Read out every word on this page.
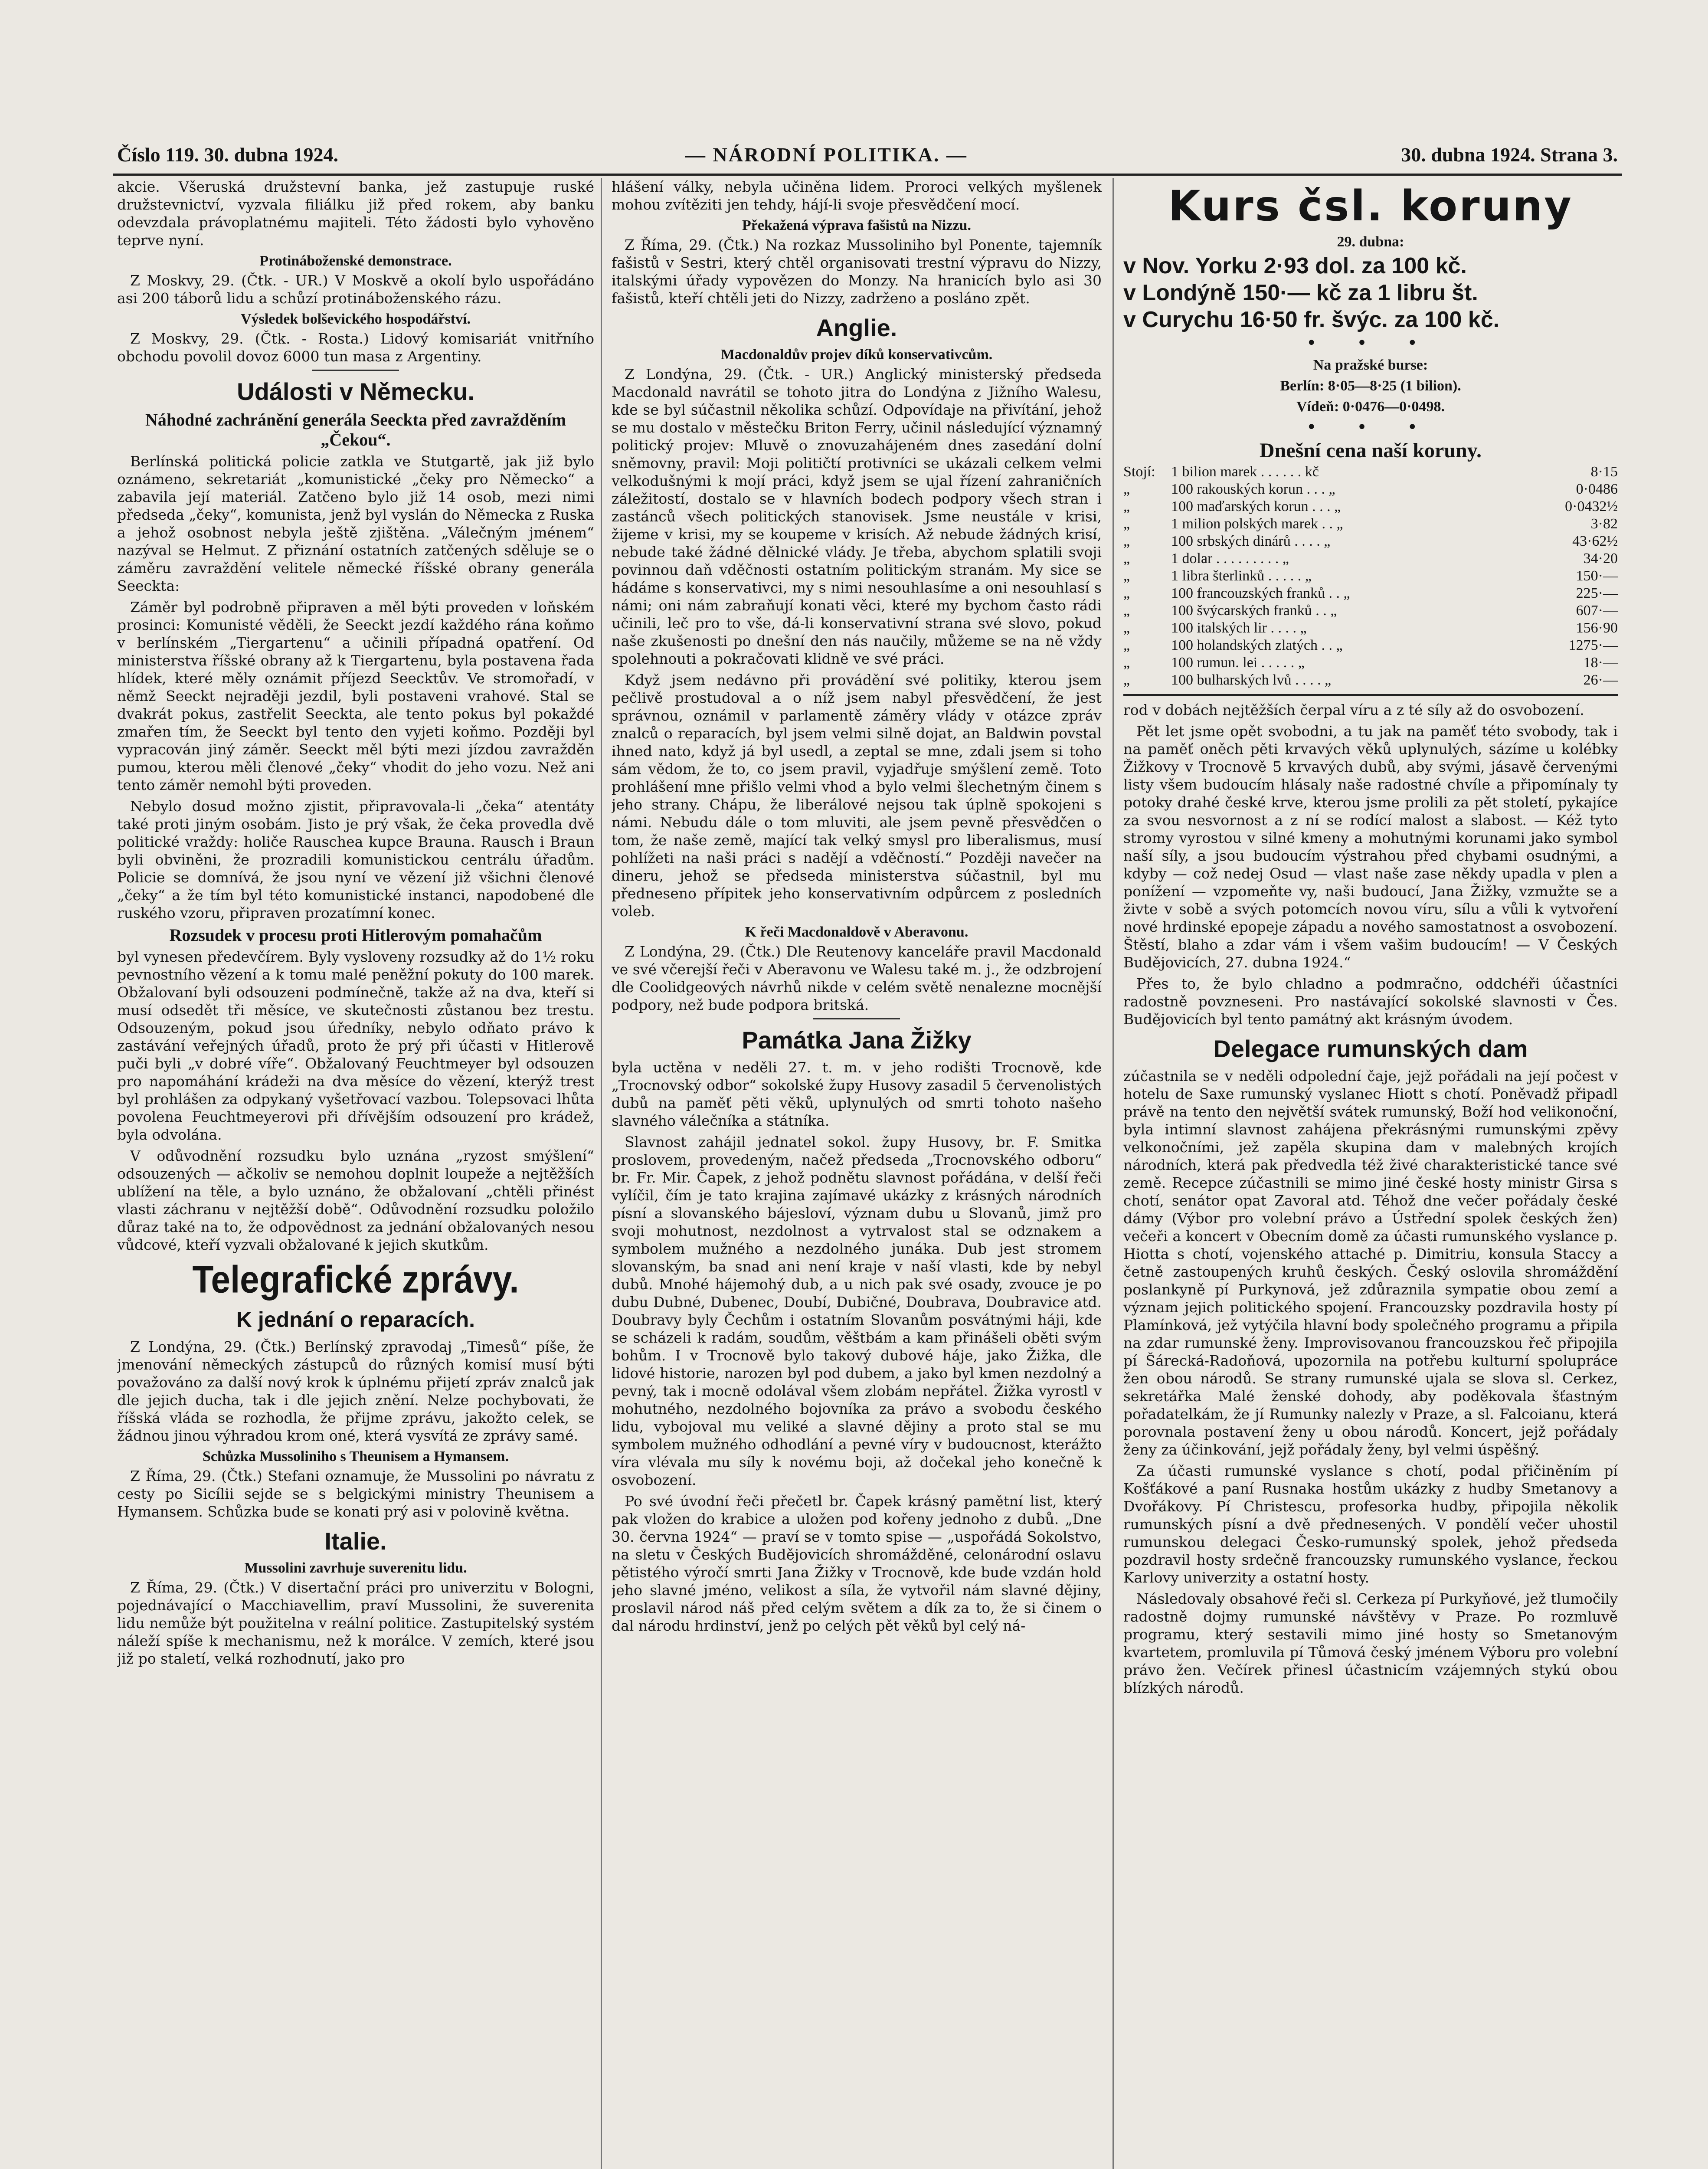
Číslo 119. 30. dubna 1924.	— NÁRODNÍ POLITIKA. —	30. dubna 1924. Strana 3.

akcie. Všeruská družstevní banka, jež zastupuje ruské družstevnictví, vyzvala filiálku již před rokem, aby banku odevzdala právoplatnému majiteli. Této žádosti bylo vyhověno teprve nyní.

Protináboženské demonstrace.

Z Moskvy, 29. (Čtk. - UR.) V Moskvě a okolí bylo uspořádáno asi 200 táborů lidu a schůzí protináboženského rázu.

Výsledek bolševického hospodářství.

Z Moskvy, 29. (Čtk. - Rosta.) Lidový komisariát vnitřního obchodu povolil dovoz 6000 tun masa z Argentiny.

Události v Německu.
Náhodné zachránění generála Seeckta před zavražděním „Čekou“.

Berlínská politická policie zatkla ve Stutgartě, jak již bylo oznámeno, sekretariát „komunistické „čeky pro Německo“ a zabavila její materiál. Zatčeno bylo již 14 osob, mezi nimi předseda „čeky“, komunista, jenž byl vyslán do Německa z Ruska a jehož osobnost nebyla ještě zjištěna. „Válečným jménem“ nazýval se Helmut. Z přiznání ostatních zatčených sděluje se o záměru zavraždění velitele německé říšské obrany generála Seeckta:

Záměr byl podrobně připraven a měl býti proveden v loňském prosinci: Komunisté věděli, že Seeckt jezdí každého rána koňmo v berlínském „Tiergartenu“ a učinili případná opatření. Od ministerstva říšské obrany až k Tiergartenu, byla postavena řada hlídek, které měly oznámit příjezd Seecktův. Ve stromořadí, v němž Seeckt nejraději jezdil, byli postaveni vrahové. Stal se dvakrát pokus, zastřelit Seeckta, ale tento pokus byl pokaždé zmařen tím, že Seeckt byl tento den vyjeti koňmo. Později byl vypracován jiný záměr. Seeckt měl býti mezi jízdou zavražděn pumou, kterou měli členové „čeky“ vhodit do jeho vozu. Než ani tento záměr nemohl býti proveden.

Nebylo dosud možno zjistit, připravovala-li „čeka“ atentáty také proti jiným osobám. Jisto je prý však, že čeka provedla dvě politické vraždy: holiče Rauscheа kupce Brauna. Rausch i Braun byli obviněni, že prozradili komunistickou centrálu úřadům. Policie se domnívá, že jsou nyní ve vězení již všichni členové „čeky“ a že tím byl této komunistické instanci, napodobené dle ruského vzoru, připraven prozatímní konec.

Rozsudek v procesu proti Hitlerovým pomahačům

byl vynesen předevčírem. Byly vysloveny rozsudky až do 1½ roku pevnostního vězení a k tomu malé peněžní pokuty do 100 marek. Obžalovaní byli odsouzeni podmínečně, takže až na dva, kteří si musí odsedět tři měsíce, ve skutečnosti zůstanou bez trestu. Odsouzeným, pokud jsou úředníky, nebylo odňato právo k zastávání veřejných úřadů, proto že prý při účasti v Hitlerově puči byli „v dobré víře“. Obžalovaný Feuchtmeyer byl odsouzen pro napomáhání krádeži na dva měsíce do vězení, kterýž trest byl prohlášen za odpykaný vyšetřovací vazbou. Tolepsovaci lhůta povolena Feuchtmeyerovi při dřívějším odsouzení pro krádež, byla odvolána.

V odůvodnění rozsudku bylo uznána „ryzost smýšlení“ odsouzených — ačkoliv se nemohou doplnit loupeže a nejtěžších ublížení na těle, a bylo uznáno, že obžalovaní „chtěli přinést vlasti záchranu v nejtěžší době“. Odůvodnění rozsudku položilo důraz také na to, že odpovědnost za jednání obžalovaných nesou vůdcové, kteří vyzvali obžalované k jejich skutkům.

Telegrafické zprávy.
K jednání o reparacích.

Z Londýna, 29. (Čtk.) Berlínský zpravodaj „Timesů“ píše, že jmenování německých zástupců do různých komisí musí býti považováno za další nový krok k úplnému přijetí zpráv znalců jak dle jejich ducha, tak i dle jejich znění. Nelze pochybovati, že říšská vláda se rozhodla, že přijme zprávu, jakožto celek, se žádnou jinou výhradou krom oné, která vysvítá ze zprávy samé.

Schůzka Mussoliniho s Theunisem a Hymansem.

Z Říma, 29. (Čtk.) Stefani oznamuje, že Mussolini po návratu z cesty po Sicílii sejde se s belgickými ministry Theunisem a Hymansem. Schůzka bude se konati prý asi v polovině května.

Italie.
Mussolini zavrhuje suverenitu lidu.

Z Říma, 29. (Čtk.) V disertační práci pro univerzitu v Bologni, pojednávající o Macchiavellim, praví Mussolini, že suverenita lidu nemůže být použitelna v reální politice. Zastupitelský systém náleží spíše k mechanismu, než k morálce. V zemích, které jsou již po staletí, velká rozhodnutí, jako pro

hlášení války, nebyla učiněna lidem. Proroci velkých myšlenek mohou zvítěziti jen tehdy, hájí-li svoje přesvědčení mocí.

Překažená výprava fašistů na Nizzu.

Z Říma, 29. (Čtk.) Na rozkaz Mussoliniho byl Ponente, tajemník fašistů v Sestri, který chtěl organisovati trestní výpravu do Nizzy, italskými úřady vypovězen do Monzy. Na hranicích bylo asi 30 fašistů, kteří chtěli jeti do Nizzy, zadrženo a posláno zpět.

Anglie.
Macdonaldův projev díků konservativcům.

Z Londýna, 29. (Čtk. - UR.) Anglický ministerský předseda Macdonald navrátil se tohoto jitra do Londýna z Jižního Walesu, kde se byl súčastnil několika schůzí. Odpovídaje na přivítání, jehož se mu dostalo v městečku Briton Ferry, učinil následující významný politický projev: Mluvě o znovuzahájeném dnes zasedání dolní sněmovny, pravil: Moji političtí protivníci se ukázali celkem velmi velkodušnými k mojí práci, když jsem se ujal řízení zahraničních záležitostí, dostalo se v hlavních bodech podpory všech stran i zastánců všech politických stanovisek. Jsme neustále v krisi, žijeme v krisi, my se koupeme v krisích. Až nebude žádných krisí, nebude také žádné dělnické vlády. Je třeba, abychom splatili svoji povinnou daň vděčnosti ostatním politickým stranám. My sice se hádáme s konservativci, my s nimi nesouhlasíme a oni nesouhlasí s námi; oni nám zabraňují konati věci, které my bychom často rádi učinili, leč pro to vše, dá-li konservativní strana své slovo, pokud naše zkušenosti po dnešní den nás naučily, můžeme se na ně vždy spolehnouti a pokračovati klidně ve své práci.

Když jsem nedávno při provádění své politiky, kterou jsem pečlivě prostudoval a o níž jsem nabyl přesvědčení, že jest správnou, oznámil v parlamentě záměry vlády v otázce zpráv znalců o reparacích, byl jsem velmi silně dojat, an Baldwin povstal ihned nato, když já byl usedl, a zeptal se mne, zdali jsem si toho sám vědom, že to, co jsem pravil, vyjadřuje smýšlení země. Toto prohlášení mne přišlo velmi vhod a bylo velmi šlechetným činem s jeho strany. Chápu, že liberálové nejsou tak úplně spokojeni s námi. Nebudu dále o tom mluviti, ale jsem pevně přesvědčen o tom, že naše země, mající tak velký smysl pro liberalismus, musí pohlížeti na naši práci s nadějí a vděčností.“ Později navečer na dineru, jehož se předseda ministerstva súčastnil, byl mu předneseno přípitek jeho konservativním odpůrcem z posledních voleb.

K řeči Macdonaldově v Aberavonu.

Z Londýna, 29. (Čtk.) Dle Reutenovy kanceláře pravil Macdonald ve své včerejší řeči v Aberavonu ve Walesu také m. j., že odzbrojení dle Coolidgeových návrhů nikde v celém světě nenalezne mocnější podpory, než bude podpora britská.

Památka Jana Žižky

byla uctěna v neděli 27. t. m. v jeho rodišti Trocnově, kde „Trocnovský odbor“ sokolské župy Husovy zasadil 5 červenolistých dubů na paměť pěti věků, uplynulých od smrti tohoto našeho slavného válečníka a státníka.

Slavnost zahájil jednatel sokol. župy Husovy, br. F. Smitka proslovem, provedeným, načež předseda „Trocnovského odboru“ br. Fr. Mir. Čapek, z jehož podnětu slavnost pořádána, v delší řeči vylíčil, čím je tato krajina zajímavé ukázky z krásných národních písní a slovanského bájesloví, význam dubu u Slovanů, jimž pro svoji mohutnost, nezdolnost a vytrvalost stal se odznakem a symbolem mužného a nezdolného junáka. Dub jest stromem slovanským, ba snad ani není kraje v naší vlasti, kde by nebyl dubů. Mnohé hájemohý dub, a u nich pak své osady, zvouce je po dubu Dubné, Dubenec, Doubí, Dubičné, Doubrava, Doubravice atd. Doubravy byly Čechům i ostatním Slovanům posvátnými háji, kde se scházeli k radám, soudům, věštbám a kam přinášeli oběti svým bohům. I v Trocnově bylo takový dubové háje, jako Žižka, dle lidové historie, narozen byl pod dubem, a jako byl kmen nezdolný a pevný, tak i mocně odolával všem zlobám nepřátel. Žižka vyrostl v mohutného, nezdolného bojovníka za právo a svobodu českého lidu, vybojoval mu veliké a slavné dějiny a proto stal se mu symbolem mužného odhodlání a pevné víry v budoucnost, kterážto víra vlévala mu síly k novému boji, až dočekal jeho konečně k osvobození.

Po své úvodní řeči přečetl br. Čapek krásný pamětní list, který pak vložen do krabice a uložen pod kořeny jednoho z dubů. „Dne 30. června 1924“ — praví se v tomto spise — „uspořádá Sokolstvo, na sletu v Českých Budějovicích shromážděné, celonárodní oslavu pětistého výročí smrti Jana Žižky v Trocnově, kde bude vzdán hold jeho slavné jméno, velikost a síla, že vytvořil nám slavné dějiny, proslavil národ náš před celým světem a dík za to, že si činem o dal národu hrdinství, jenž po celých pět věků byl celý ná-

Kurs čsl. koruny
29. dubna:
v Nov. Yorku 2·93 dol. za 100 kč.
v Londýně 150·— kč za 1 libru št.
v Curychu 16·50 fr. švýc. za 100 kč.
• • •
Na pražské burse:
Berlín: 8·05—8·25 (1 bilion).
Vídeň: 0·0476—0·0498.
• • •
Dnešní cena naší koruny.
Stojí:	1 bilion marek . . . . . . kč	8·15
„	100 rakouských korun . . . „	0·0486
„	100 maďarských korun . . . „	0·0432½
„	1 milion polských marek . . „	3·82
„	100 srbských dinárů . . . . „	43·62½
„	1 dolar . . . . . . . . . „	34·20
„	1 libra šterlinků . . . . . „	150·—
„	100 francouzských franků . . „	225·—
„	100 švýcarských franků . . „	607·—
„	100 italských lir . . . . „	156·90
„	100 holandských zlatých . . „	1275·—
„	100 rumun. lei . . . . . „	18·—
„	100 bulharských lvů . . . . „	26·—

rod v dobách nejtěžších čerpal víru a z té síly až do osvobození.

Pět let jsme opět svobodni, a tu jak na paměť této svobody, tak i na paměť oněch pěti krvavých věků uplynulých, sázíme u kolébky Žižkovy v Trocnově 5 krvavých dubů, aby svými, jásavě červenými listy všem budoucím hlásaly naše radostné chvíle a připomínaly ty potoky drahé české krve, kterou jsme prolili za pět století, pykajíce za svou nesvornost a z ní se rodící malost a slabost. — Kéž tyto stromy vyrostou v silné kmeny a mohutnými korunami jako symbol naší síly, a jsou budoucím výstrahou před chybami osudnými, a kdyby — což nedej Osud — vlast naše zase někdy upadla v plen a ponížení — vzpomeňte vy, naši budoucí, Jana Žižky, vzmužte se a živte v sobě a svých potomcích novou víru, sílu a vůli k vytvoření nové hrdinské epopeje západu a nového samostatnost a osvobození. Štěstí, blaho a zdar vám i všem vašim budoucím! — V Českých Budějovicích, 27. dubna 1924.“

Přes to, že bylo chladno a podmračno, oddchéři účastníci radostně povzneseni. Pro nastávající sokolské slavnosti v Čes. Budějovicích byl tento památný akt krásným úvodem.

Delegace rumunských dam

zúčastnila se v neděli odpolední čaje, jejž pořádali na její počest v hotelu de Saxe rumunský vyslanec Hiott s chotí. Poněvadž připadl právě na tento den největší svátek rumunský, Boží hod velikonoční, byla intimní slavnost zahájena překrásnými rumunskými zpěvy velkonočními, jež zapěla skupina dam v malebných krojích národních, která pak předvedla též živé charakteristické tance své země. Recepce zúčastnili se mimo jiné české hosty ministr Girsa s chotí, senátor opat Zavoral atd. Téhož dne večer pořádaly české dámy (Výbor pro volební právo a Ústřední spolek českých žen) večeři a koncert v Obecním domě za účasti rumunského vyslance p. Hiotta s chotí, vojenského attaché p. Dimitriu, konsula Staccy a četně zastoupených kruhů českých. Český oslovila shromáždění poslankyně pí Purkynová, jež zdůraznila sympatie obou zemí a význam jejich politického spojení. Francouzsky pozdravila hosty pí Plamínková, jež vytýčila hlavní body společného programu a připila na zdar rumunské ženy. Improvisovanou francouzskou řeč připojila pí Šárecká-Radoňová, upozornila na potřebu kulturní spolupráce žen obou národů. Se strany rumunské ujala se slova sl. Cerkez, sekretářka Malé ženské dohody, aby poděkovala šťastným pořadatelkám, že jí Rumunky nalezly v Praze, a sl. Falcoianu, která porovnala postavení ženy u obou národů. Koncert, jejž pořádaly ženy za účinkování, jejž pořádaly ženy, byl velmi úspěšný.

Za účasti rumunské vyslance s chotí, podal přičiněním pí Košťákové a paní Rusnaka hostům ukázky z hudby Smetanovy a Dvořákovy. Pí Christescu, profesorka hudby, připojila několik rumunských písní a dvě přednesených. V pondělí večer uhostil rumunskou delegaci Česko-rumunský spolek, jehož předseda pozdravil hosty srdečně francouzsky rumunského vyslance, řeckou Karlovy univerzity a ostatní hosty.

Následovaly obsahové řeči sl. Cerkeza pí Purkyňové, jež tlumočily radostně dojmy rumunské návštěvy v Praze. Po rozmluvě programu, který sestavili mimo jiné hosty so Smetanovým kvartetem, promluvila pí Tůmová český jménem Výboru pro volební právo žen. Večírek přinesl účastnicím vzájemných stykú obou blízkých národů.
